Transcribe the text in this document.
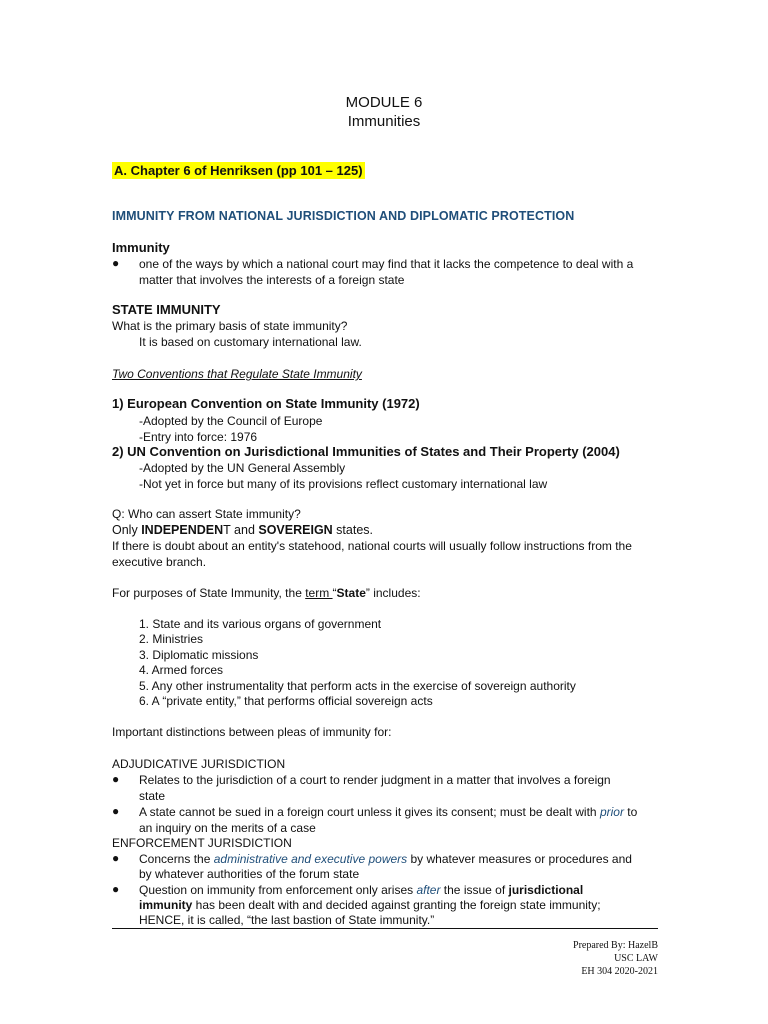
MODULE 6
Immunities
A. Chapter 6 of Henriksen (pp 101 – 125)
IMMUNITY FROM NATIONAL JURISDICTION AND DIPLOMATIC PROTECTION
Immunity
● one of the ways by which a national court may find that it lacks the competence to deal with a
matter that involves the interests of a foreign state
STATE IMMUNITY
What is the primary basis of state immunity?
It is based on customary international law.
Two Conventions that Regulate State Immunity
1) European Convention on State Immunity (1972)
-Adopted by the Council of Europe
-Entry into force: 1976
2) UN Convention on Jurisdictional Immunities of States and Their Property (2004)
-Adopted by the UN General Assembly
-Not yet in force but many of its provisions reflect customary international law
Q: Who can assert State immunity?
Only INDEPENDENT and SOVEREIGN states.
If there is doubt about an entity's statehood, national courts will usually follow instructions from the
executive branch.
For purposes of State Immunity, the term “State” includes:
1. State and its various organs of government
2. Ministries
3. Diplomatic missions
4. Armed forces
5. Any other instrumentality that perform acts in the exercise of sovereign authority
6. A “private entity,” that performs official sovereign acts
Important distinctions between pleas of immunity for:
ADJUDICATIVE JURISDICTION
● Relates to the jurisdiction of a court to render judgment in a matter that involves a foreign
state
● A state cannot be sued in a foreign court unless it gives its consent; must be dealt with prior to
an inquiry on the merits of a case
ENFORCEMENT JURISDICTION
● Concerns the administrative and executive powers by whatever measures or procedures and
by whatever authorities of the forum state
● Question on immunity from enforcement only arises after the issue of jurisdictional
immunity has been dealt with and decided against granting the foreign state immunity;
HENCE, it is called, “the last bastion of State immunity.”
Prepared By: HazelB
USC LAW
EH 304 2020-2021
